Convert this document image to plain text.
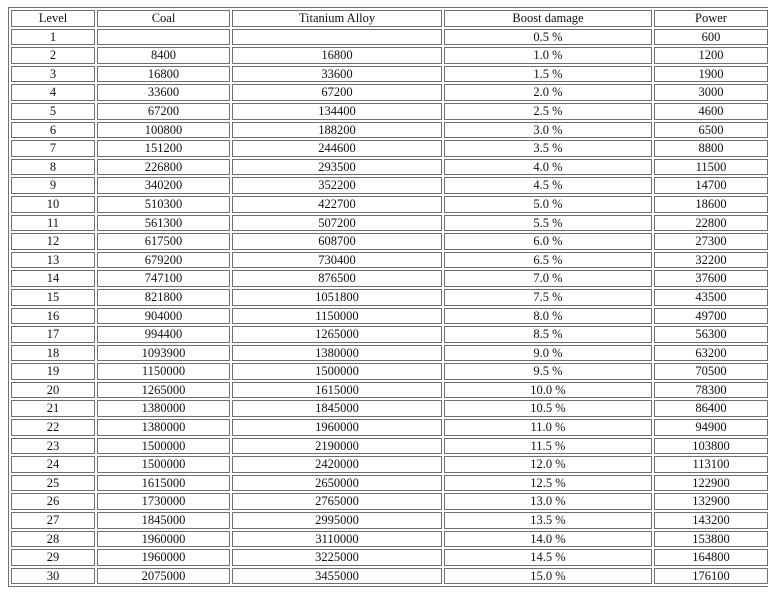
Level	Coal	Titanium Alloy	Boost damage	Power
1			0.5 %	600
2	8400	16800	1.0 %	1200
3	16800	33600	1.5 %	1900
4	33600	67200	2.0 %	3000
5	67200	134400	2.5 %	4600
6	100800	188200	3.0 %	6500
7	151200	244600	3.5 %	8800
8	226800	293500	4.0 %	11500
9	340200	352200	4.5 %	14700
10	510300	422700	5.0 %	18600
11	561300	507200	5.5 %	22800
12	617500	608700	6.0 %	27300
13	679200	730400	6.5 %	32200
14	747100	876500	7.0 %	37600
15	821800	1051800	7.5 %	43500
16	904000	1150000	8.0 %	49700
17	994400	1265000	8.5 %	56300
18	1093900	1380000	9.0 %	63200
19	1150000	1500000	9.5 %	70500
20	1265000	1615000	10.0 %	78300
21	1380000	1845000	10.5 %	86400
22	1380000	1960000	11.0 %	94900
23	1500000	2190000	11.5 %	103800
24	1500000	2420000	12.0 %	113100
25	1615000	2650000	12.5 %	122900
26	1730000	2765000	13.0 %	132900
27	1845000	2995000	13.5 %	143200
28	1960000	3110000	14.0 %	153800
29	1960000	3225000	14.5 %	164800
30	2075000	3455000	15.0 %	176100
